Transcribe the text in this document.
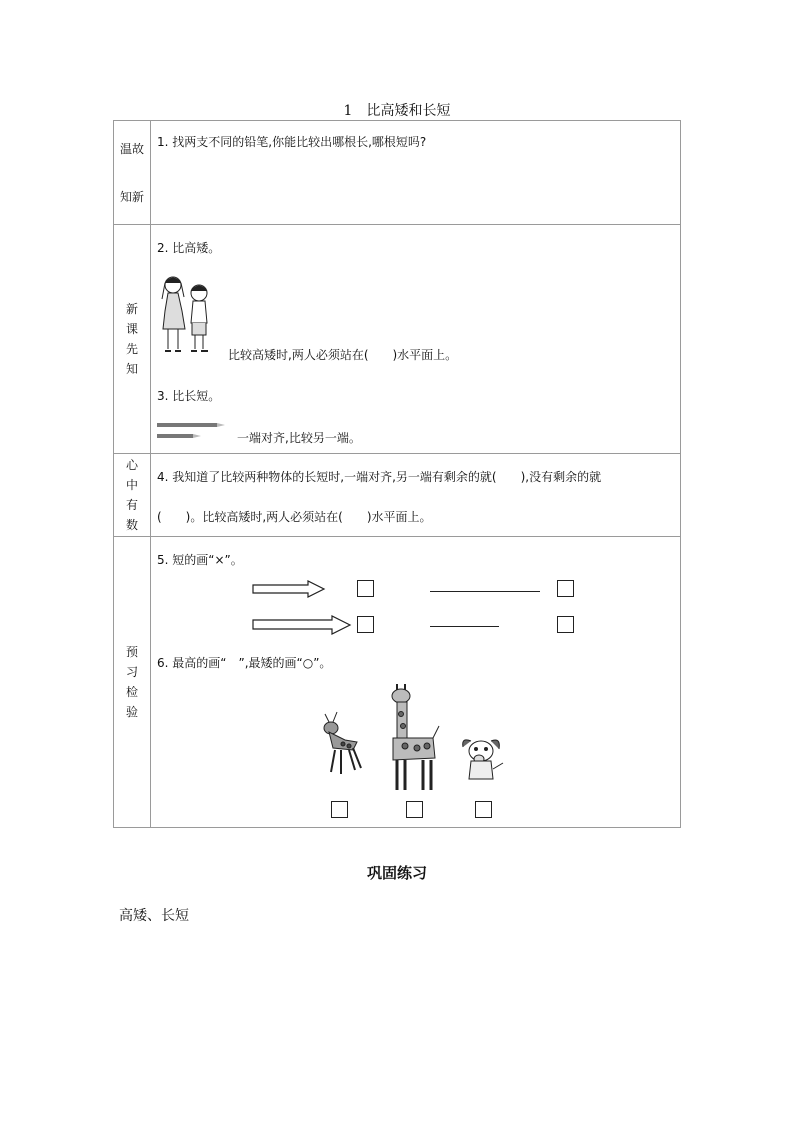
1 比高矮和长短
温故知新	1. 找两支不同的铅笔,你能比较出哪根长,哪根短吗?

新课先知	2. 比高矮。
比较高矮时,两人必须站在(　　)水平面上。
3. 比长短。
一端对齐,比较另一端。

心中有数	4. 我知道了比较两种物体的长短时,一端对齐,另一端有剩余的就(　　),没有剩余的就
(　　)。比较高矮时,两人必须站在(　　)水平面上。

预习检验	5. 短的画“×”。
6. 最高的画“　”,最矮的画“○”。
巩固练习
高矮、长短
